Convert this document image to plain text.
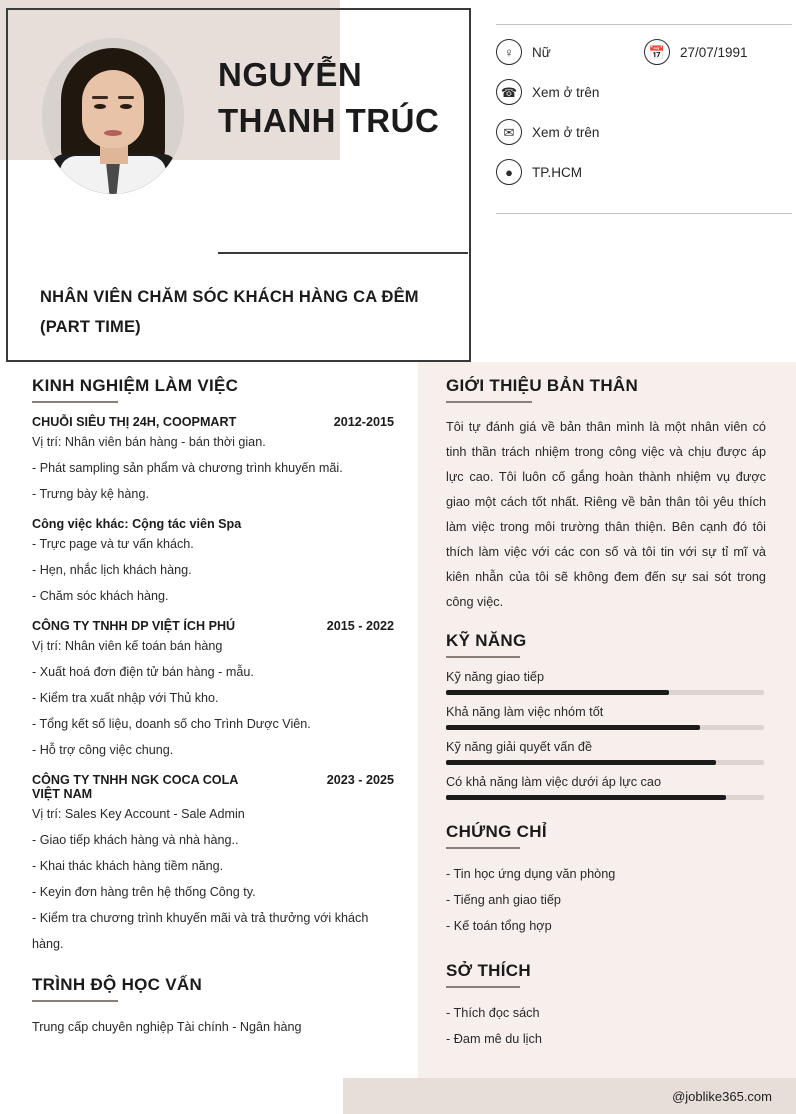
NGUYỄN THANH TRÚC
NHÂN VIÊN CHĂM SÓC KHÁCH HÀNG CA ĐÊM (PART TIME)
♀	Nữ	📅	27/07/1991
☎	Xem ở trên
✉	Xem ở trên
●	TP.HCM
KINH NGHIỆM LÀM VIỆC
CHUỖI SIÊU THỊ 24H, COOPMART	2012-2015
Vị trí: Nhân viên bán hàng - bán thời gian.
- Phát sampling sản phẩm và chương trình khuyến mãi.
- Trưng bày kệ hàng.
Công việc khác: Cộng tác viên Spa
- Trực page và tư vấn khách.
- Hẹn, nhắc lịch khách hàng.
- Chăm sóc khách hàng.
CÔNG TY TNHH DP VIỆT ÍCH PHÚ	2015 - 2022
Vị trí: Nhân viên kế toán bán hàng
- Xuất hoá đơn điện tử bán hàng - mẫu.
- Kiểm tra xuất nhập với Thủ kho.
- Tổng kết số liệu, doanh số cho Trình Dược Viên.
- Hỗ trợ công việc chung.
CÔNG TY TNHH NGK COCA COLA VIỆT NAM
2023 - 2025
Vị trí: Sales Key Account - Sale Admin
- Giao tiếp khách hàng và nhà hàng..
- Khai thác khách hàng tiềm năng.
- Keyin đơn hàng trên hệ thống Công ty.
- Kiểm tra chương trình khuyến mãi và trả thưởng với khách hàng.
TRÌNH ĐỘ HỌC VẤN
Trung cấp chuyên nghiệp Tài chính - Ngân hàng
GIỚI THIỆU BẢN THÂN
Tôi tự đánh giá về bản thân mình là một nhân viên có tinh thần trách nhiệm trong công việc và chịu được áp lực cao. Tôi luôn cố gắng hoàn thành nhiệm vụ được giao một cách tốt nhất. Riêng về bản thân tôi yêu thích làm việc trong môi trường thân thiện. Bên cạnh đó tôi thích làm việc với các con số và tôi tin với sự tỉ mĩ và kiên nhẫn của tôi sẽ không đem đến sự sai sót trong công việc.
KỸ NĂNG
Kỹ năng giao tiếp
Khả năng làm việc nhóm tốt
Kỹ năng giải quyết vấn đề
Có khả năng làm việc dưới áp lực cao
CHỨNG CHỈ
- Tin học ứng dụng văn phòng
- Tiếng anh giao tiếp
- Kế toán tổng hợp
SỞ THÍCH
- Thích đọc sách
- Đam mê du lịch
@joblike365.com
